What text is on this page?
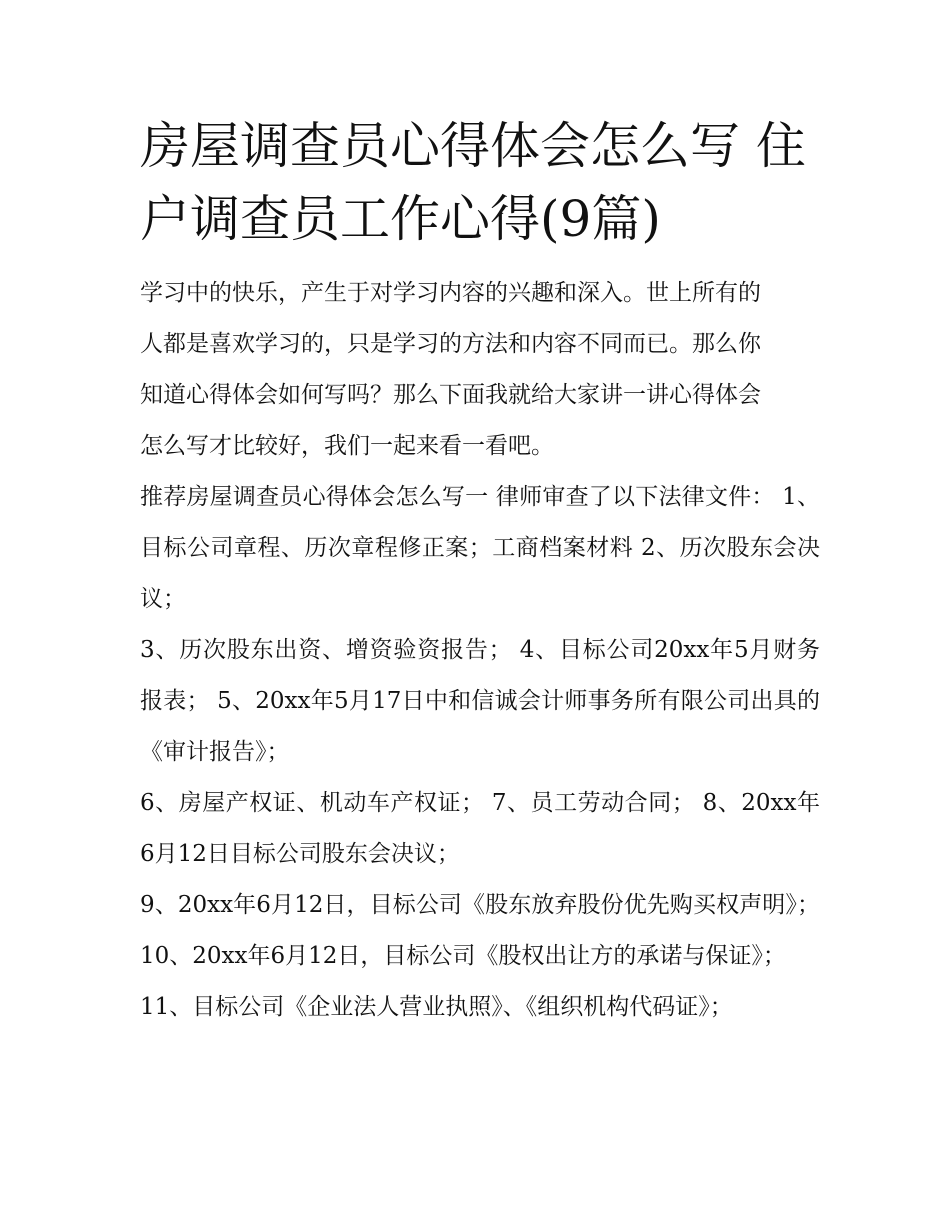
房屋调查员心得体会怎么写 住户调查员工作心得(9篇)

学习中的快乐，产生于对学习内容的兴趣和深入。世上所有的
人都是喜欢学习的，只是学习的方法和内容不同而已。那么你
知道心得体会如何写吗？那么下面我就给大家讲一讲心得体会
怎么写才比较好，我们一起来看一看吧。

推荐房屋调查员心得体会怎么写一 律师审查了以下法律文件： 1、目标公司章程、历次章程修正案；工商档案材料 2、历次股东会决议；

3、历次股东出资、增资验资报告； 4、目标公司20xx年5月财务报表； 5、20xx年5月17日中和信诚会计师事务所有限公司出具的《审计报告》；

6、房屋产权证、机动车产权证； 7、员工劳动合同； 8、20xx年6月12日目标公司股东会决议；

9、20xx年6月12日，目标公司《股东放弃股份优先购买权声明》； 10、20xx年6月12日，目标公司《股权出让方的承诺与保证》；

11、目标公司《企业法人营业执照》、《组织机构代码证》；
